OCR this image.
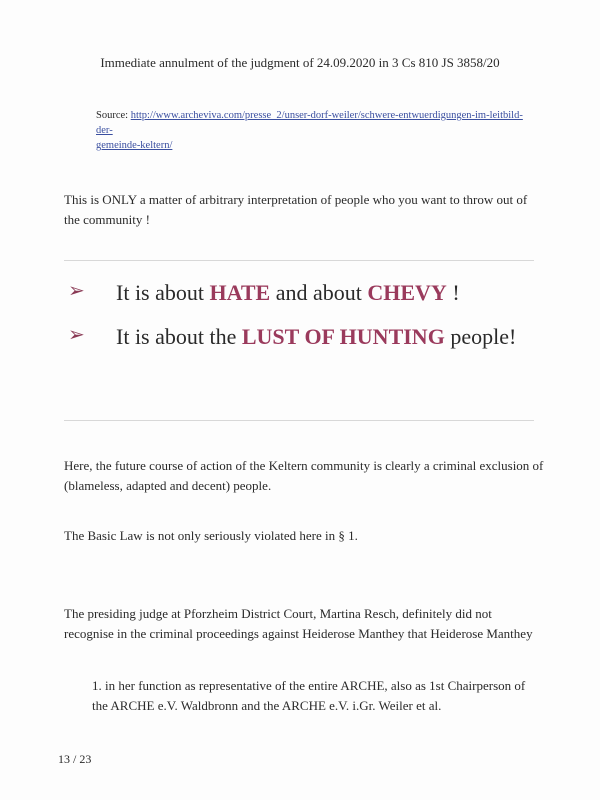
Immediate annulment of the judgment of 24.09.2020 in 3 Cs 810 JS 3858/20
Source: http://www.archeviva.com/presse_2/unser-dorf-weiler/schwere-entwuerdigungen-im-leitbild-der-
gemeinde-keltern/
This is ONLY a matter of arbitrary interpretation of people who you want to throw out of the community !
➢	It is about HATE and about CHEVY !
➢	It is about the LUST OF HUNTING people!
Here, the future course of action of the Keltern community is clearly a criminal exclusion of (blameless, adapted and decent) people.
The Basic Law is not only seriously violated here in § 1.
The presiding judge at Pforzheim District Court, Martina Resch, definitely did not recognise in the criminal proceedings against Heiderose Manthey that Heiderose Manthey
1. in her function as representative of the entire ARCHE, also as 1st Chairperson of the ARCHE e.V. Waldbronn and the ARCHE e.V. i.Gr. Weiler et al.
13 / 23
